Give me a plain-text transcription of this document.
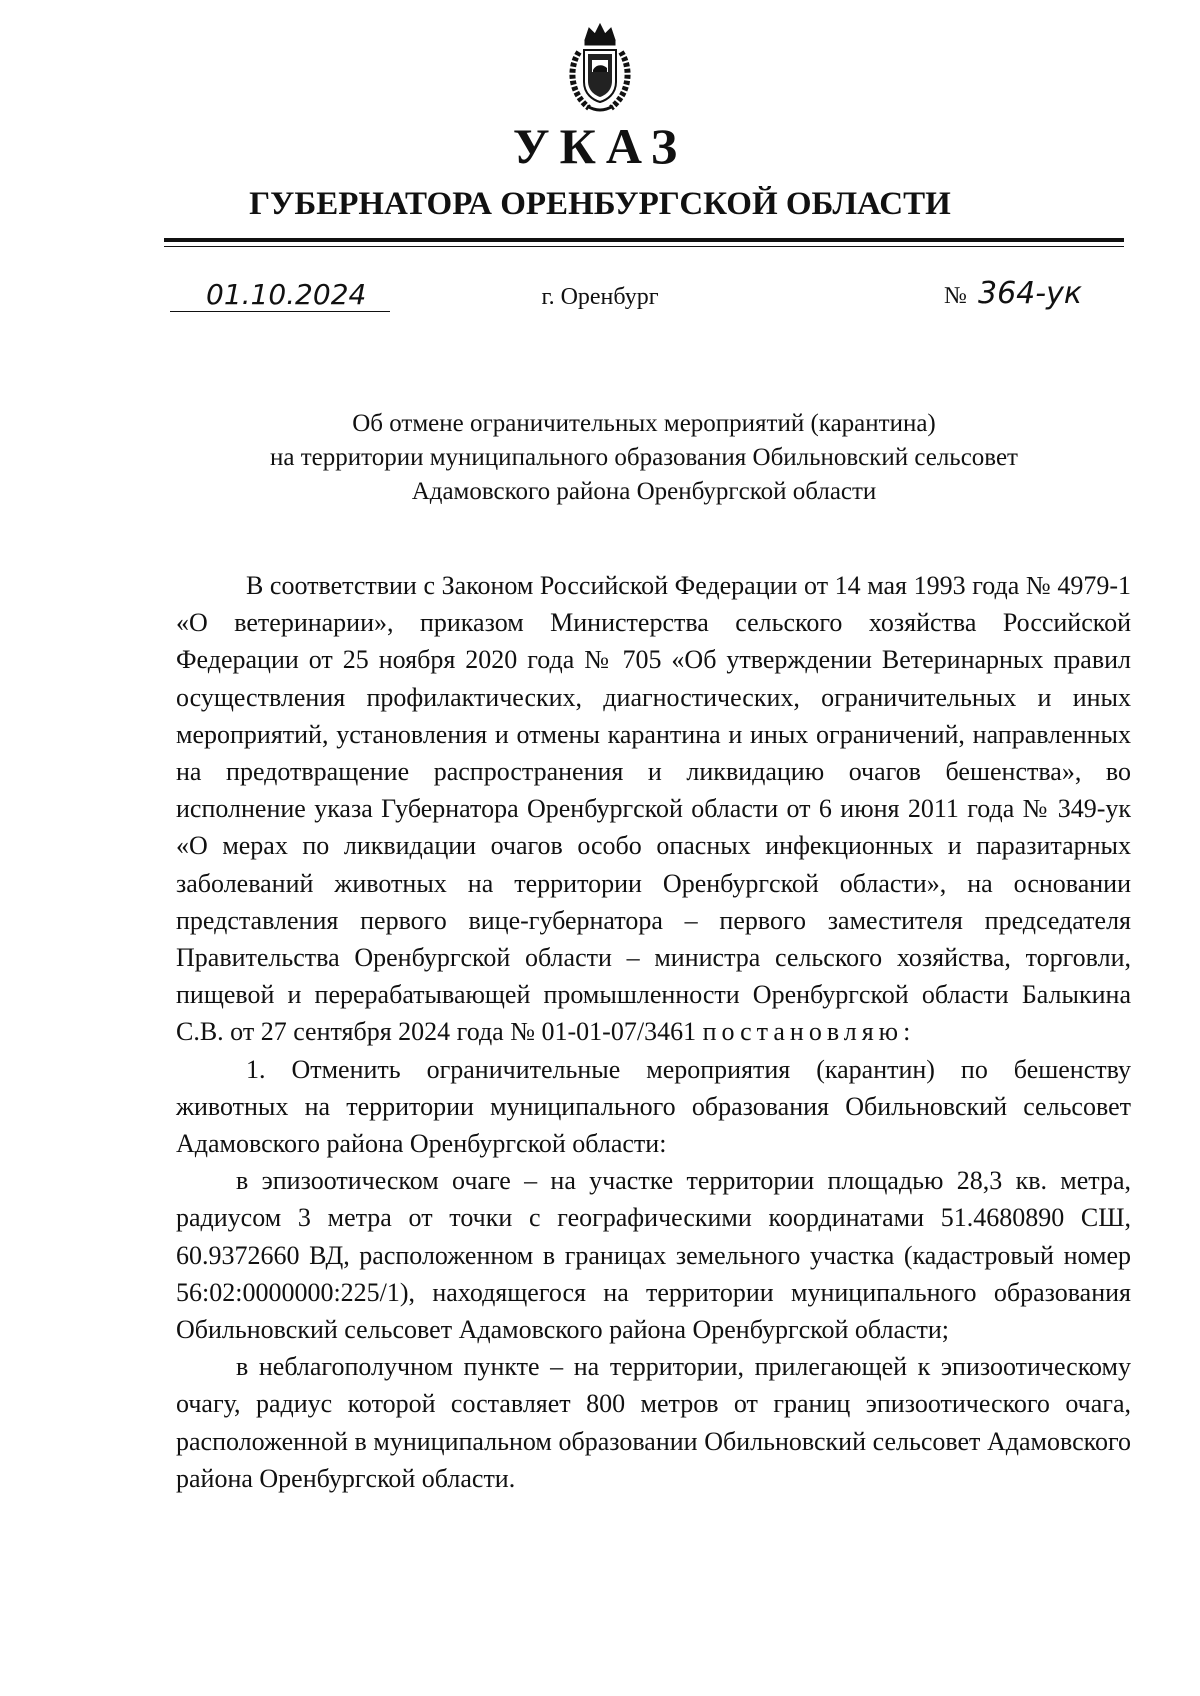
УКАЗ
ГУБЕРНАТОРА ОРЕНБУРГСКОЙ ОБЛАСТИ
01.10.2024	г. Оренбург	№ 364-ук
Об отмене ограничительных мероприятий (карантина)
на территории муниципального образования Обильновский сельсовет
Адамовского района Оренбургской области

В соответствии с Законом Российской Федерации от 14 мая 1993 года № 4979-1 «О ветеринарии», приказом Министерства сельского хозяйства Российской Федерации от 25 ноября 2020 года № 705 «Об утверждении Ветеринарных правил осуществления профилактических, диагностических, ограничительных и иных мероприятий, установления и отмены карантина и иных ограничений, направленных на предотвращение распространения и ликвидацию очагов бешенства», во исполнение указа Губернатора Оренбургской области от 6 июня 2011 года № 349-ук «О мерах по ликвидации очагов особо опасных инфекционных и паразитарных заболеваний животных на территории Оренбургской области», на основании представления первого вице-губернатора – первого заместителя председателя Правительства Оренбургской области – министра сельского хозяйства, торговли, пищевой и перерабатывающей промышленности Оренбургской области Балыкина С.В. от 27 сентября 2024 года № 01-01-07/3461 постановляю:

1. Отменить ограничительные мероприятия (карантин) по бешенству животных на территории муниципального образования Обильновский сельсовет Адамовского района Оренбургской области:

в эпизоотическом очаге – на участке территории площадью 28,3 кв. метра, радиусом 3 метра от точки с географическими координатами 51.4680890 СШ, 60.9372660 ВД, расположенном в границах земельного участка (кадастровый номер 56:02:0000000:225/1), находящегося на территории муниципального образования Обильновский сельсовет Адамовского района Оренбургской области;

в неблагополучном пункте – на территории, прилегающей к эпизоотическому очагу, радиус которой составляет 800 метров от границ эпизоотического очага, расположенной в муниципальном образовании Обильновский сельсовет Адамовского района Оренбургской области.
